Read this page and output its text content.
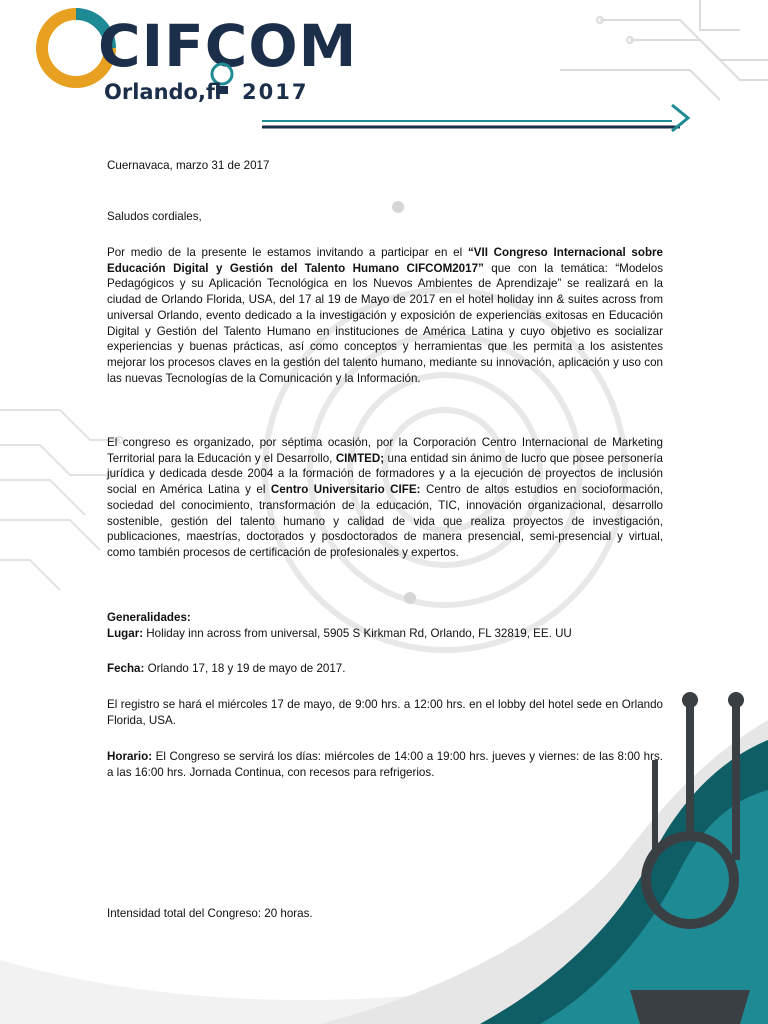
CIFCOM
Orlando,fl 2017

Cuernavaca, marzo 31 de 2017

Saludos cordiales,

Por medio de la presente le estamos invitando a participar en el “VII Congreso Internacional sobre Educación Digital y Gestión del Talento Humano CIFCOM2017” que con la temática: “Modelos Pedagógicos y su Aplicación Tecnológica en los Nuevos Ambientes de Aprendizaje” se realizará en la ciudad de Orlando Florida, USA, del 17 al 19 de Mayo de 2017 en el hotel holiday inn & suites across from universal Orlando, evento dedicado a la investigación y exposición de experiencias exitosas en Educación Digital y Gestión del Talento Humano en instituciones de América Latina y cuyo objetivo es socializar experiencias y buenas prácticas, así como conceptos y herramientas que les permita a los asistentes mejorar los procesos claves en la gestión del talento humano, mediante su innovación, aplicación y uso con las nuevas Tecnologías de la Comunicación y la Información.

El congreso es organizado, por séptima ocasión, por la Corporación Centro Internacional de Marketing Territorial para la Educación y el Desarrollo, CIMTED; una entidad sin ánimo de lucro que posee personería jurídica y dedicada desde 2004 a la formación de formadores y a la ejecución de proyectos de inclusión social en América Latina y el Centro Universitario CIFE: Centro de altos estudios en socioformación, sociedad del conocimiento, transformación de la educación, TIC, innovación organizacional, desarrollo sostenible, gestión del talento humano y calidad de vida que realiza proyectos de investigación, publicaciones, maestrías, doctorados y posdoctorados de manera presencial, semi-presencial y virtual, como también procesos de certificación de profesionales y expertos.

Generalidades:

Lugar: Holiday inn across from universal, 5905 S Kirkman Rd, Orlando, FL 32819, EE. UU

Fecha: Orlando 17, 18 y 19 de mayo de 2017.

El registro se hará el miércoles 17 de mayo, de 9:00 hrs. a 12:00 hrs. en el lobby del hotel sede en Orlando Florida, USA.

Horario: El Congreso se servirá los días: miércoles de 14:00 a 19:00 hrs. jueves y viernes: de las 8:00 hrs. a las 16:00 hrs. Jornada Continua, con recesos para refrigerios.

Intensidad total del Congreso: 20 horas.
